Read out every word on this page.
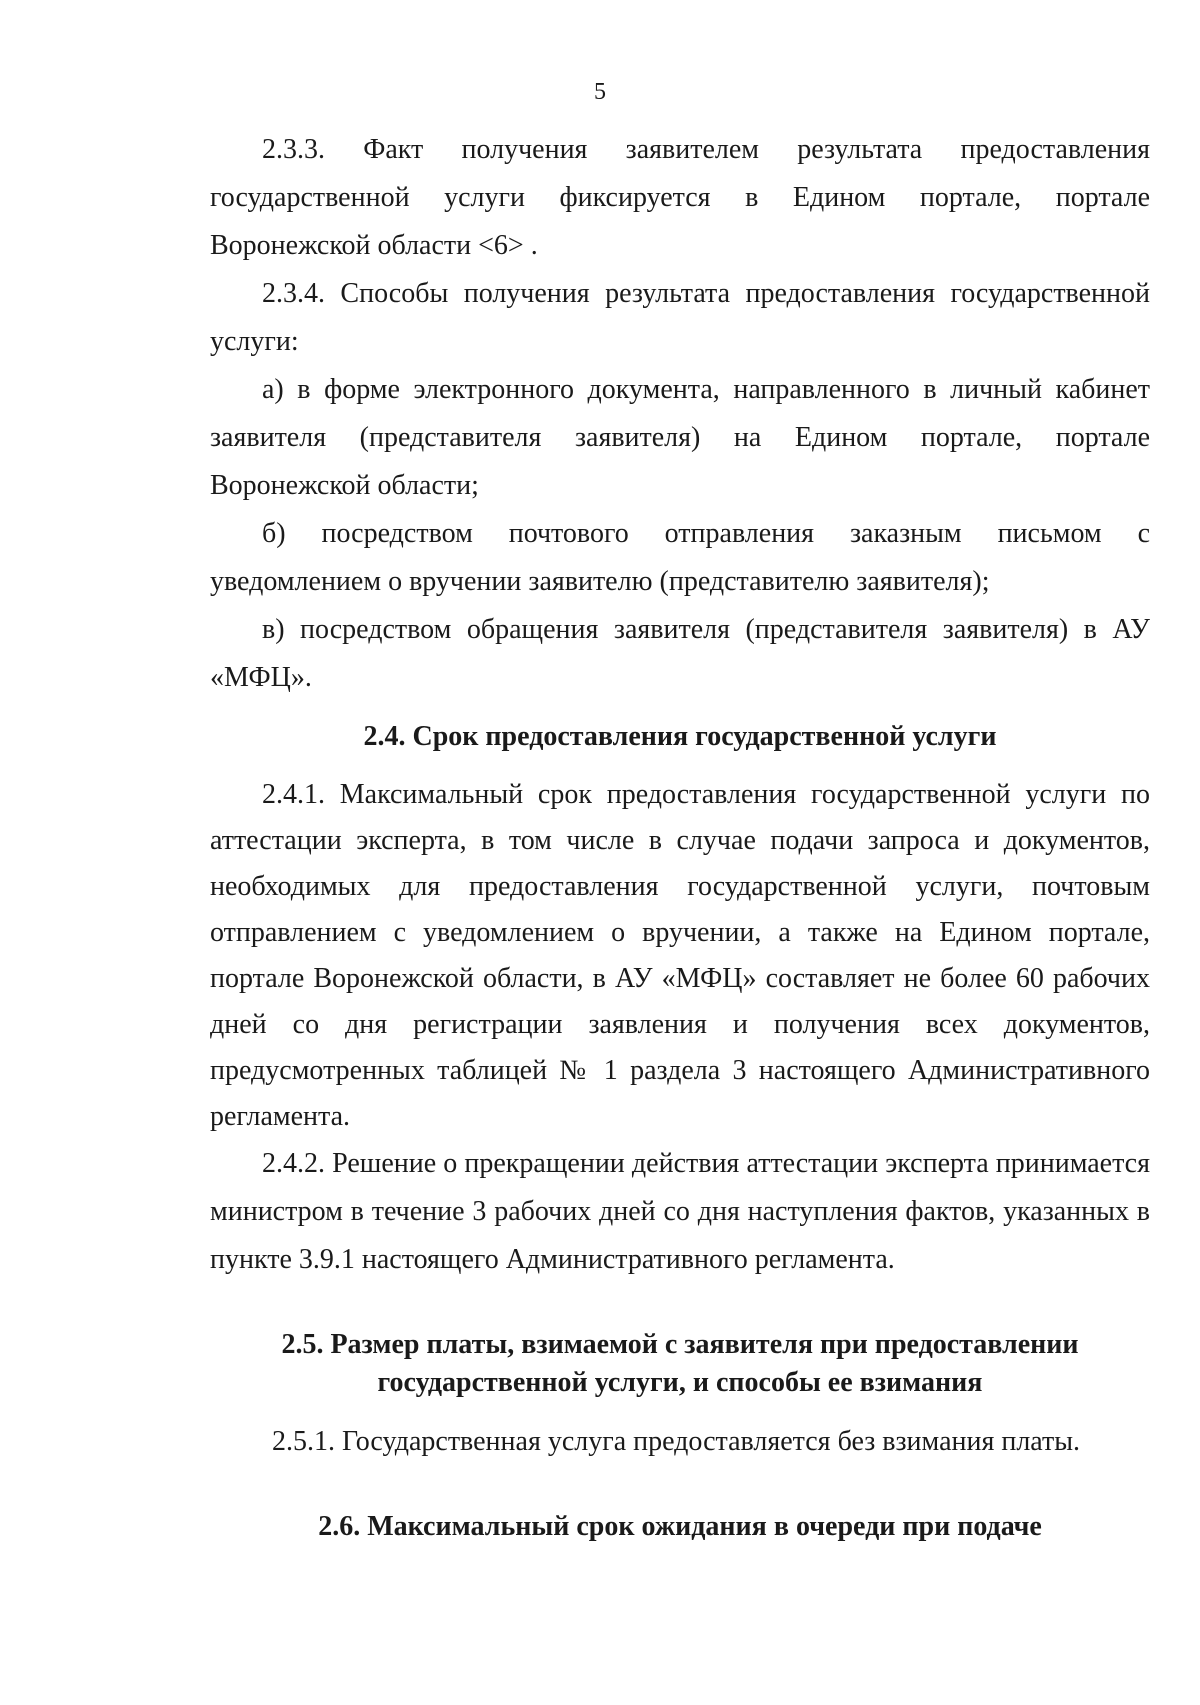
5

2.3.3. Факт получения заявителем результата предоставления государственной услуги фиксируется в Едином портале, портале Воронежской области <6> .

2.3.4. Способы получения результата предоставления государственной услуги:

а) в форме электронного документа, направленного в личный кабинет заявителя (представителя заявителя) на Едином портале, портале Воронежской области;

б) посредством почтового отправления заказным письмом с уведомлением о вручении заявителю (представителю заявителя);

в) посредством обращения заявителя (представителя заявителя) в АУ «МФЦ».

2.4. Срок предоставления государственной услуги

2.4.1. Максимальный срок предоставления государственной услуги по аттестации эксперта, в том числе в случае подачи запроса и документов, необходимых для предоставления государственной услуги, почтовым отправлением с уведомлением о вручении, а также на Едином портале, портале Воронежской области, в АУ «МФЦ» составляет не более 60 рабочих дней со дня регистрации заявления и получения всех документов, предусмотренных таблицей № 1 раздела 3 настоящего Административного регламента.

2.4.2. Решение о прекращении действия аттестации эксперта принимается министром в течение 3 рабочих дней со дня наступления фактов, указанных в пункте 3.9.1 настоящего Административного регламента.

2.5. Размер платы, взимаемой с заявителя при предоставлении
государственной услуги, и способы ее взимания

2.5.1. Государственная услуга предоставляется без взимания платы.

2.6. Максимальный срок ожидания в очереди при подаче
